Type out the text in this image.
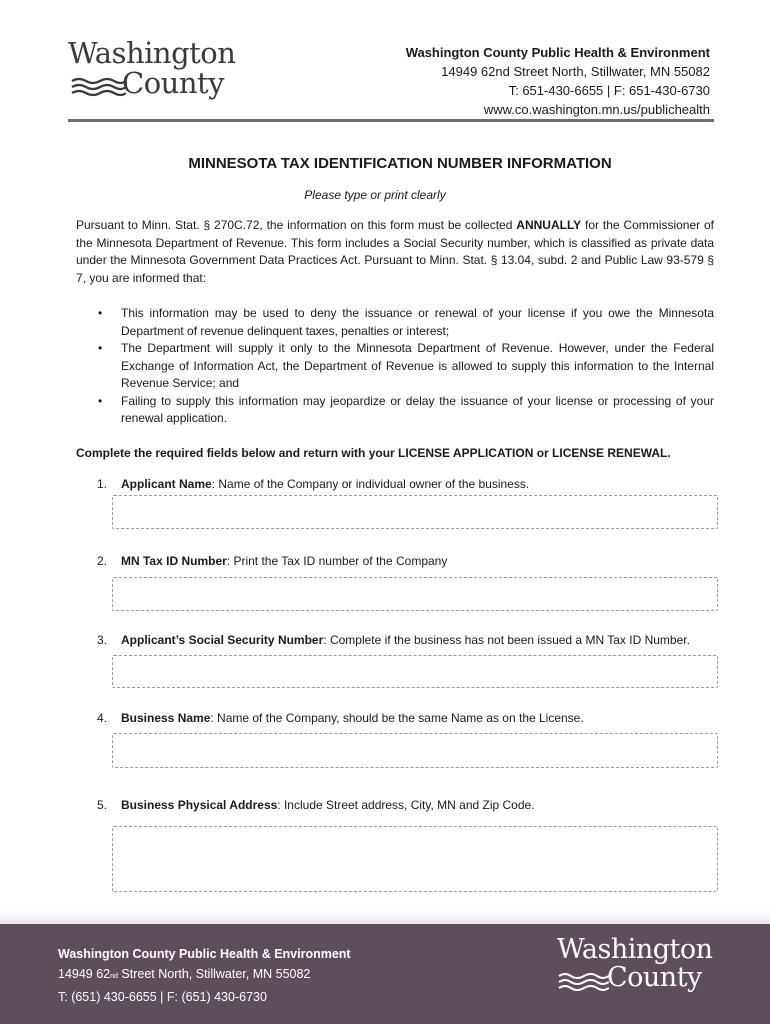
Washington
County
Washington County Public Health & Environment
14949 62nd Street North, Stillwater, MN 55082
T: 651-430-6655 | F: 651-430-6730
www.co.washington.mn.us/publichealth
MINNESOTA TAX IDENTIFICATION NUMBER INFORMATION
Please type or print clearly
Pursuant to Minn. Stat. § 270C.72, the information on this form must be collected ANNUALLY for the Commissioner of the Minnesota Department of Revenue. This form includes a Social Security number, which is classified as private data under the Minnesota Government Data Practices Act. Pursuant to Minn. Stat. § 13.04, subd. 2 and Public Law 93-579 § 7, you are informed that:
• This information may be used to deny the issuance or renewal of your license if you owe the Minnesota Department of revenue delinquent taxes, penalties or interest;
• The Department will supply it only to the Minnesota Department of Revenue. However, under the Federal Exchange of Information Act, the Department of Revenue is allowed to supply this information to the Internal Revenue Service; and
• Failing to supply this information may jeopardize or delay the issuance of your license or processing of your renewal application.
Complete the required fields below and return with your LICENSE APPLICATION or LICENSE RENEWAL.
1. Applicant Name: Name of the Company or individual owner of the business.
2. MN Tax ID Number: Print the Tax ID number of the Company
3. Applicant’s Social Security Number: Complete if the business has not been issued a MN Tax ID Number.
4. Business Name: Name of the Company, should be the same Name as on the License.
5. Business Physical Address: Include Street address, City, MN and Zip Code.
Washington County Public Health & Environment
14949 62nd Street North, Stillwater, MN 55082
T: (651) 430-6655 | F: (651) 430-6730
Washington
County
